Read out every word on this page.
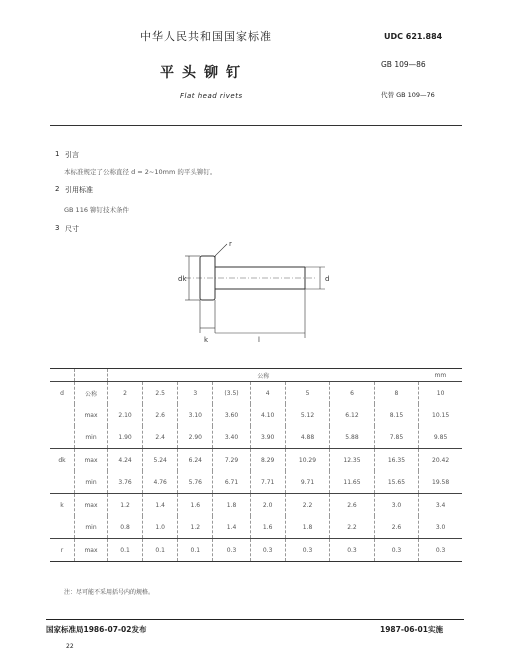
中华人民共和国国家标准
平头铆钉
Flat head rivets
UDC 621.884
GB 109—86
代替 GB 109—76
1 引言
本标准规定了公称直径 d = 2~10mm 的平头铆钉。
2 引用标准
GB 116 铆钉技术条件
3 尺寸
dk	d
k	l
r
		公称								mm
d	公称	2	2.5	3	(3.5)	4	5	6	8	10
	max	2.10	2.6	3.10	3.60	4.10	5.12	6.12	8.15	10.15
	min	1.90	2.4	2.90	3.40	3.90	4.88	5.88	7.85	9.85
dk	max	4.24	5.24	6.24	7.29	8.29	10.29	12.35	16.35	20.42
	min	3.76	4.76	5.76	6.71	7.71	9.71	11.65	15.65	19.58
k	max	1.2	1.4	1.6	1.8	2.0	2.2	2.6	3.0	3.4
	min	0.8	1.0	1.2	1.4	1.6	1.8	2.2	2.6	3.0
r	max	0.1	0.1	0.1	0.3	0.3	0.3	0.3	0.3	0.3
注：尽可能不采用括号内的规格。
国家标准局1986-07-02发布	1987-06-01实施
22
